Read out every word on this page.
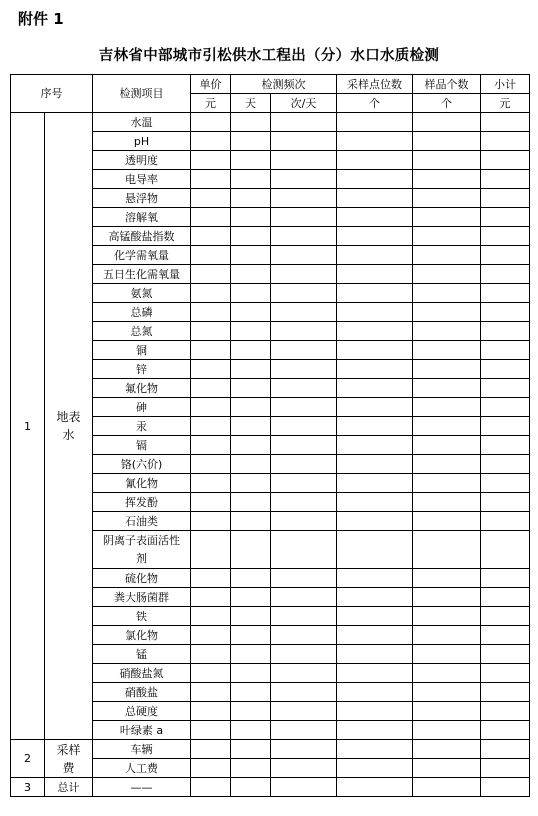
附件 1
吉林省中部城市引松供水工程出（分）水口水质检测
序号		检测项目	单价	检测频次		采样点位数	样品个数	小计
			元	天	次/天	个	个	元
1	地表水	水温						
		pH						
		透明度						
		电导率						
		悬浮物						
		溶解氧						
		高锰酸盐指数						
		化学需氧量						
		五日生化需氧量						
		氨氮						
		总磷						
		总氮						
		铜						
		锌						
		氟化物						
		砷						
		汞						
		镉						
		铬(六价)						
		氰化物						
		挥发酚						
		石油类						
		阴离子表面活性剂						
		硫化物						
		粪大肠菌群						
		铁						
		氯化物						
		锰						
		硝酸盐氮						
		硝酸盐						
		总硬度						
		叶绿素 a						
2	采样费	车辆						
		人工费						
3	总计	——						
